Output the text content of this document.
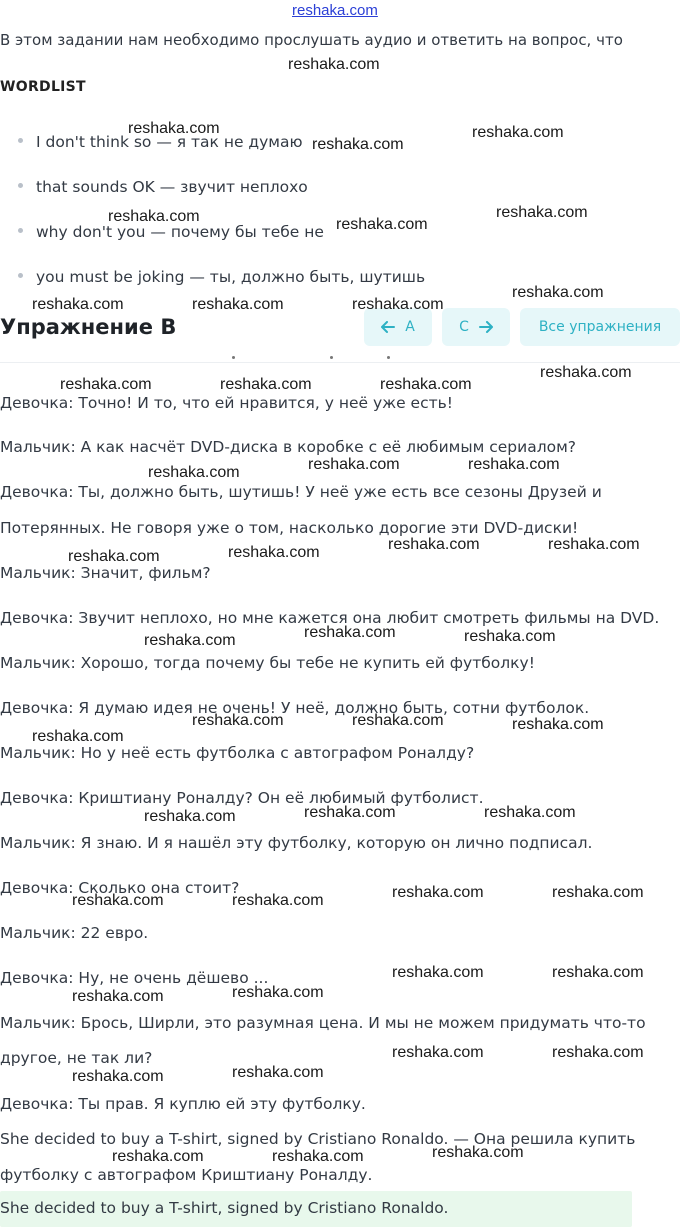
reshaka.com
В этом задании нам необходимо прослушать аудио и ответить на вопрос, что
WORDLIST
I don't think so — я так не думаю
that sounds OK — звучит неплохо
why don't you — почему бы тебе не
you must be joking — ты, должно быть, шутишь
Упражнение B	A	C	Все упражнения
Девочка: Точно! И то, что ей нравится, у неё уже есть!
Мальчик: А как насчёт DVD-диска в коробке с её любимым сериалом?
Девочка: Ты, должно быть, шутишь! У неё уже есть все сезоны Друзей и
Потерянных. Не говоря уже о том, насколько дорогие эти DVD-диски!
Мальчик: Значит, фильм?
Девочка: Звучит неплохо, но мне кажется она любит смотреть фильмы на DVD.
Мальчик: Хорошо, тогда почему бы тебе не купить ей футболку!
Девочка: Я думаю идея не очень! У неё, должно быть, сотни футболок.
Мальчик: Но у неё есть футболка с автографом Роналду?
Девочка: Криштиану Роналду? Он её любимый футболист.
Мальчик: Я знаю. И я нашёл эту футболку, которую он лично подписал.
Девочка: Сколько она стоит?
Мальчик: 22 евро.
Девочка: Ну, не очень дёшево ...
Мальчик: Брось, Ширли, это разумная цена. И мы не можем придумать что-то
другое, не так ли?
Девочка: Ты прав. Я куплю ей эту футболку.
She decided to buy a T-shirt, signed by Cristiano Ronaldo. — Она решила купить
футболку с автографом Криштиану Роналду.
She decided to buy a T-shirt, signed by Cristiano Ronaldo.
reshaka.com
reshaka.com	reshaka.com
reshaka.com
reshaka.com
reshaka.com	reshaka.com
reshaka.com
reshaka.com	reshaka.com	reshaka.com
reshaka.com
reshaka.com	reshaka.com	reshaka.com
reshaka.com	reshaka.com
reshaka.com
reshaka.com	reshaka.com
reshaka.com
reshaka.com
reshaka.com	reshaka.com
reshaka.com
reshaka.com	reshaka.com	reshaka.com
reshaka.com
reshaka.com	reshaka.com
reshaka.com
reshaka.com	reshaka.com
reshaka.com	reshaka.com
reshaka.com	reshaka.com
reshaka.com
reshaka.com
reshaka.com	reshaka.com
reshaka.com
reshaka.com
reshaka.com
reshaka.com	reshaka.com
